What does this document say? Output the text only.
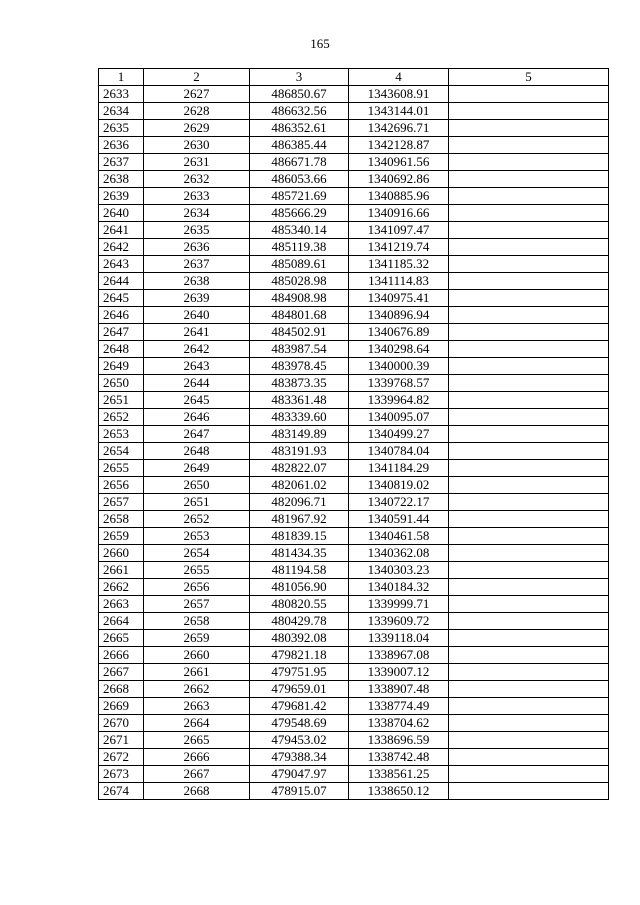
165
1	2	3	4	5
2633	2627	486850.67	1343608.91	
2634	2628	486632.56	1343144.01	
2635	2629	486352.61	1342696.71	
2636	2630	486385.44	1342128.87	
2637	2631	486671.78	1340961.56	
2638	2632	486053.66	1340692.86	
2639	2633	485721.69	1340885.96	
2640	2634	485666.29	1340916.66	
2641	2635	485340.14	1341097.47	
2642	2636	485119.38	1341219.74	
2643	2637	485089.61	1341185.32	
2644	2638	485028.98	1341114.83	
2645	2639	484908.98	1340975.41	
2646	2640	484801.68	1340896.94	
2647	2641	484502.91	1340676.89	
2648	2642	483987.54	1340298.64	
2649	2643	483978.45	1340000.39	
2650	2644	483873.35	1339768.57	
2651	2645	483361.48	1339964.82	
2652	2646	483339.60	1340095.07	
2653	2647	483149.89	1340499.27	
2654	2648	483191.93	1340784.04	
2655	2649	482822.07	1341184.29	
2656	2650	482061.02	1340819.02	
2657	2651	482096.71	1340722.17	
2658	2652	481967.92	1340591.44	
2659	2653	481839.15	1340461.58	
2660	2654	481434.35	1340362.08	
2661	2655	481194.58	1340303.23	
2662	2656	481056.90	1340184.32	
2663	2657	480820.55	1339999.71	
2664	2658	480429.78	1339609.72	
2665	2659	480392.08	1339118.04	
2666	2660	479821.18	1338967.08	
2667	2661	479751.95	1339007.12	
2668	2662	479659.01	1338907.48	
2669	2663	479681.42	1338774.49	
2670	2664	479548.69	1338704.62	
2671	2665	479453.02	1338696.59	
2672	2666	479388.34	1338742.48	
2673	2667	479047.97	1338561.25	
2674	2668	478915.07	1338650.12	
